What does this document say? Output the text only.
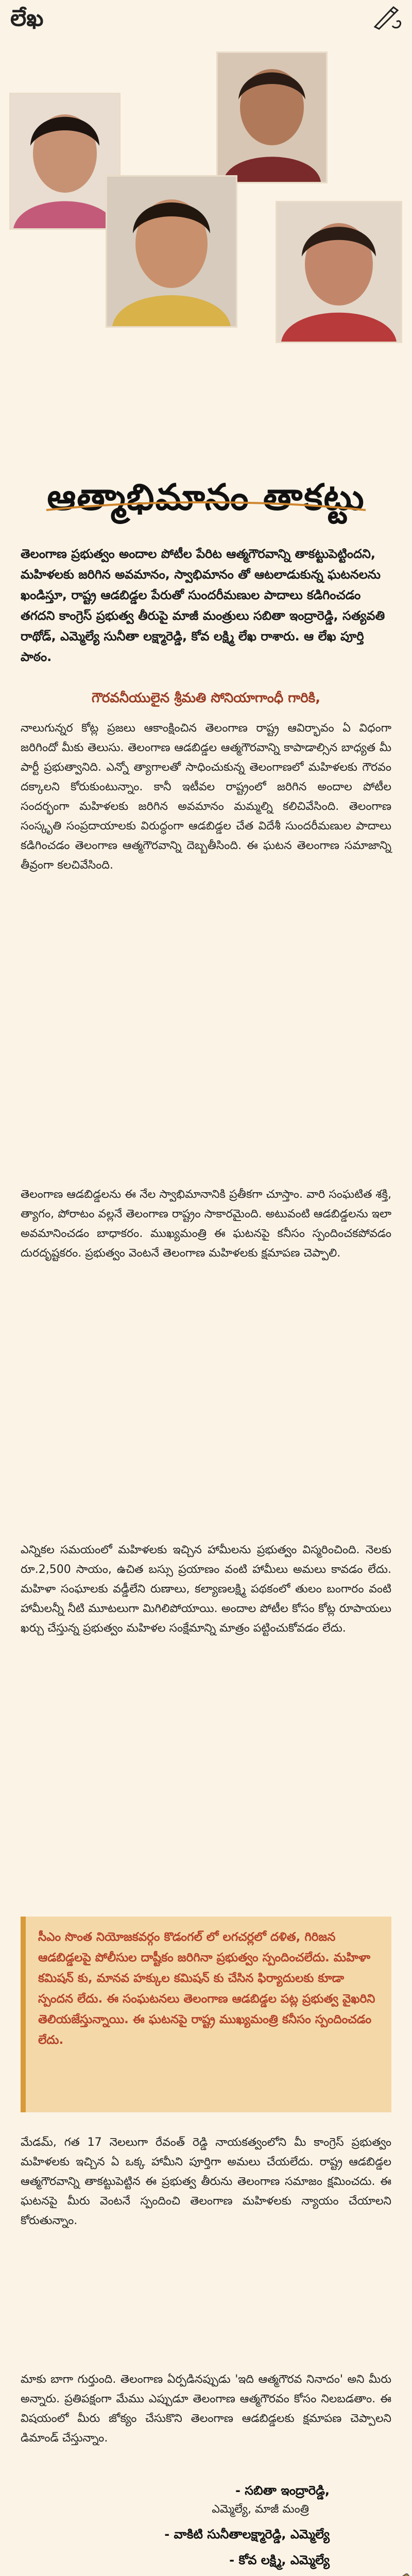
లేఖ
ఆత్మాభిమానం తాకట్టు
తెలంగాణ ప్రభుత్వం అందాల పోటీల పేరిట ఆత్మగౌరవాన్ని తాకట్టుపెట్టిందని, మహిళలకు జరిగిన అవమానం, స్వాభిమానం తో ఆటలాడుకున్న ఘటనలను ఖండిస్తూ, రాష్ట్ర ఆడబిడ్డల పేరుతో సుందరీమణుల పాదాలు కడిగించడం తగదని కాంగ్రెస్ ప్రభుత్వ తీరుపై మాజీ మంత్రులు సబితా ఇంద్రారెడ్డి, సత్యవతి రాథోడ్, ఎమ్మెల్యే సునీతా లక్ష్మారెడ్డి, కోవ లక్ష్మి లేఖ రాశారు. ఆ లేఖ పూర్తి పాఠం.
గౌరవనీయులైన శ్రీమతి సోనియాగాంధీ గారికి,
నాలుగున్నర కోట్ల ప్రజలు ఆకాంక్షించిన తెలంగాణ రాష్ట్ర ఆవిర్భావం ఏ విధంగా జరిగిందో మీకు తెలుసు. తెలంగాణ ఆడబిడ్డల ఆత్మగౌరవాన్ని కాపాడాల్సిన బాధ్యత మీ పార్టీ ప్రభుత్వానిది. ఎన్నో త్యాగాలతో సాధించుకున్న తెలంగాణలో మహిళలకు గౌరవం దక్కాలని కోరుకుంటున్నాం. కానీ ఇటీవల రాష్ట్రంలో జరిగిన అందాల పోటీల సందర్భంగా మహిళలకు జరిగిన అవమానం మమ్మల్ని కలిచివేసింది. తెలంగాణ సంస్కృతి సంప్రదాయాలకు విరుద్ధంగా ఆడబిడ్డల చేత విదేశీ సుందరీమణుల పాదాలు కడిగించడం తెలంగాణ ఆత్మగౌరవాన్ని దెబ్బతీసింది. ఈ ఘటన తెలంగాణ సమాజాన్ని తీవ్రంగా కలచివేసింది.
తెలంగాణ ఆడబిడ్డలను ఈ నేల స్వాభిమానానికి ప్రతీకగా చూస్తాం. వారి సంఘటిత శక్తి, త్యాగం, పోరాటం వల్లనే తెలంగాణ రాష్ట్రం సాకారమైంది. అటువంటి ఆడబిడ్డలను ఇలా అవమానించడం బాధాకరం. ముఖ్యమంత్రి ఈ ఘటనపై కనీసం స్పందించకపోవడం దురదృష్టకరం. ప్రభుత్వం వెంటనే తెలంగాణ మహిళలకు క్షమాపణ చెప్పాలి.
ఎన్నికల సమయంలో మహిళలకు ఇచ్చిన హామీలను ప్రభుత్వం విస్మరించింది. నెలకు రూ.2,500 సాయం, ఉచిత బస్సు ప్రయాణం వంటి హామీలు అమలు కావడం లేదు. మహిళా సంఘాలకు వడ్డీలేని రుణాలు, కల్యాణలక్ష్మి పథకంలో తులం బంగారం వంటి హామీలన్నీ నీటి మూటలుగా మిగిలిపోయాయి. అందాల పోటీల కోసం కోట్ల రూపాయలు ఖర్చు చేస్తున్న ప్రభుత్వం మహిళల సంక్షేమాన్ని మాత్రం పట్టించుకోవడం లేదు.
సీఎం సొంత నియోజకవర్గం కొడంగల్ లో లగచర్లలో దళిత, గిరిజన ఆడబిడ్డలపై పోలీసుల దాష్టీకం జరిగినా ప్రభుత్వం స్పందించలేదు. మహిళా కమిషన్ కు, మానవ హక్కుల కమిషన్ కు చేసిన ఫిర్యాదులకు కూడా స్పందన లేదు. ఈ సంఘటనలు తెలంగాణ ఆడబిడ్డల పట్ల ప్రభుత్వ వైఖరిని తెలియజేస్తున్నాయి. ఈ ఘటనపై రాష్ట్ర ముఖ్యమంత్రి కనీసం స్పందించడం లేదు.
మేడమ్, గత 17 నెలలుగా రేవంత్ రెడ్డి నాయకత్వంలోని మీ కాంగ్రెస్ ప్రభుత్వం మహిళలకు ఇచ్చిన ఏ ఒక్క హామీని పూర్తిగా అమలు చేయలేదు. రాష్ట్ర ఆడబిడ్డల ఆత్మగౌరవాన్ని తాకట్టుపెట్టిన ఈ ప్రభుత్వ తీరును తెలంగాణ సమాజం క్షమించదు. ఈ ఘటనపై మీరు వెంటనే స్పందించి తెలంగాణ మహిళలకు న్యాయం చేయాలని కోరుతున్నాం.
మాకు బాగా గుర్తుంది. తెలంగాణ ఏర్పడినప్పుడు 'ఇది ఆత్మగౌరవ నినాదం' అని మీరు అన్నారు. ప్రతిపక్షంగా మేము ఎప్పుడూ తెలంగాణ ఆత్మగౌరవం కోసం నిలబడతాం. ఈ విషయంలో మీరు జోక్యం చేసుకొని తెలంగాణ ఆడబిడ్డలకు క్షమాపణ చెప్పాలని డిమాండ్ చేస్తున్నాం.
- సబితా ఇంద్రారెడ్డి,
ఎమ్మెల్యే, మాజీ మంత్రి
- వాకిటి సునీతాలక్ష్మారెడ్డి, ఎమ్మెల్యే
- కోవ లక్ష్మి, ఎమ్మెల్యే
